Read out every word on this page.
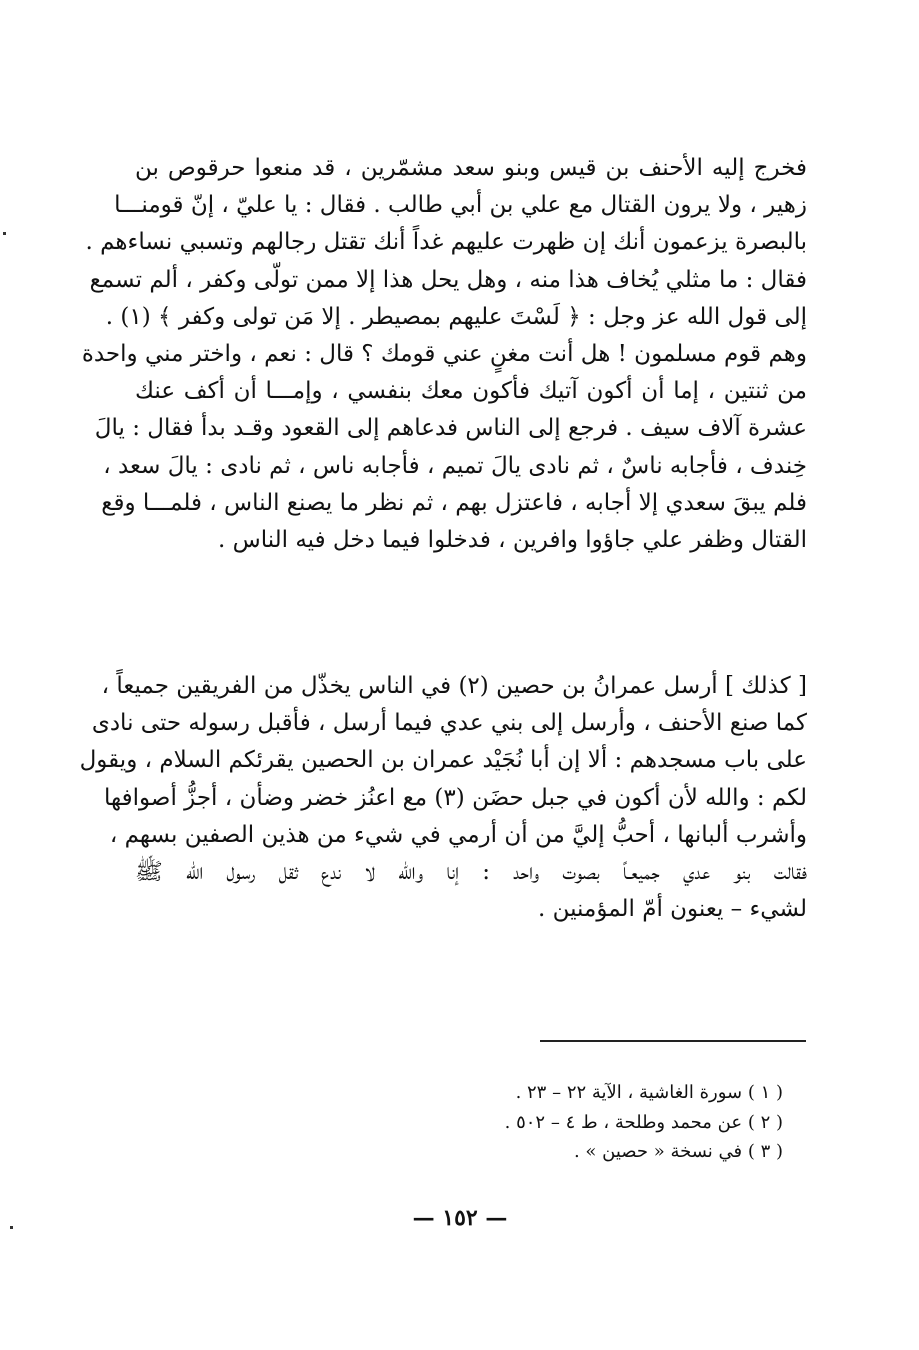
فخرج إليه الأحنف بن قيس وبنو سعد مشمّرين ، قد منعوا حرقوص بن
زهير ، ولا يرون القتال مع علي بن أبي طالب . فقال : يا عليّ ، إنّ قومنـــا
بالبصرة يزعمون أنك إن ظهرت عليهم غداً أنك تقتل رجالهم وتسبي نساءهم .
فقال : ما مثلي يُخاف هذا منه ، وهل يحل هذا إلا ممن تولّى وكفر ، ألم تسمع
إلى قول الله عز وجل : ﴿ لَسْتَ عليهم بمصيطر . إلا مَن تولى وكفر ﴾ (١) .
وهم قوم مسلمون ! هل أنت مغنٍ عني قومك ؟ قال : نعم ، واختر مني واحدة
من ثنتين ، إما أن أكون آتيك فأكون معك بنفسي ، وإمـــا أن أكف عنك
عشرة آلاف سيف . فرجع إلى الناس فدعاهم إلى القعود وقـد بدأ فقال : يالَ
خِندف ، فأجابه ناسٌ ، ثم نادى يالَ تميم ، فأجابه ناس ، ثم نادى : يالَ سعد ،
فلم يبقَ سعدي إلا أجابه ، فاعتزل بهم ، ثم نظر ما يصنع الناس ، فلمـــا وقع
القتال وظفر علي جاؤوا وافرين ، فدخلوا فيما دخل فيه الناس .
[ كذلك ] أرسل عمرانُ بن حصين (٢) في الناس يخذّل من الفريقين جميعاً ،
كما صنع الأحنف ، وأرسل إلى بني عدي فيما أرسل ، فأقبل رسوله حتى نادى
على باب مسجدهم : ألا إن أبا نُجَيْد عمران بن الحصين يقرئكم السلام ، ويقول
لكم : والله لأن أكون في جبل حضَن (٣) مع اعنُز خضر وضأن ، أجزُّ أصوافها
وأشرب ألبانها ، أحبُّ إليَّ من أن أرمي في شيء من هذين الصفين بسهم ،
فقالت بنو عدي جميعـاً بصوت واحد : إنا والله لا ندع ثقل رسول الله ﷺ
لشيء – يعنون أمّ المؤمنين .
( ١ ) سورة الغاشية ، الآية ٢٢ – ٢٣ .
( ٢ ) عن محمد وطلحة ، ط ٤ – ٥٠٢ .
( ٣ ) في نسخة « حصين » .
— ١٥٢ —
